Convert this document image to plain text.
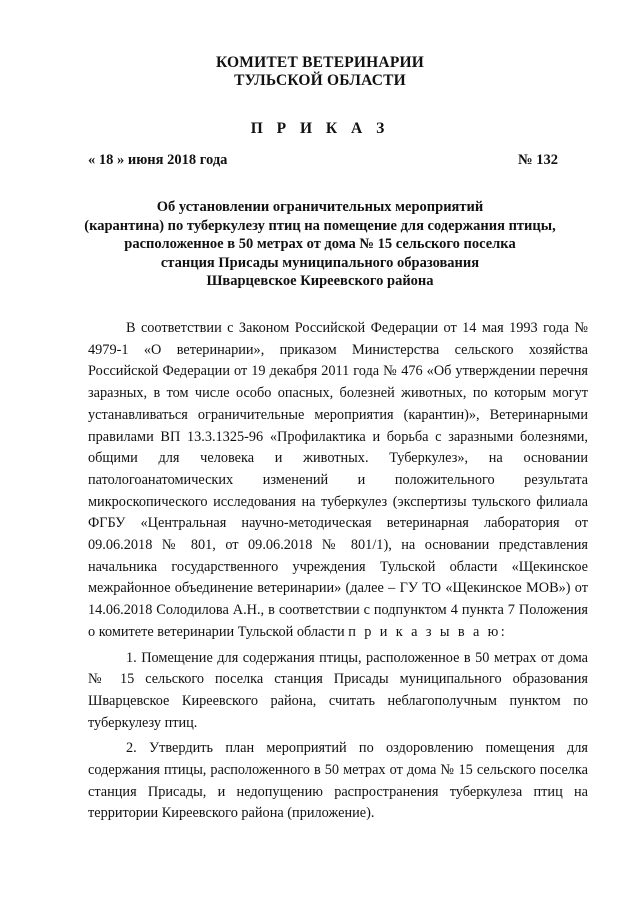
КОМИТЕТ ВЕТЕРИНАРИИ
ТУЛЬСКОЙ ОБЛАСТИ
П Р И К А З
« 18 » июня 2018 года	№ 132
Об установлении ограничительных мероприятий
(карантина) по туберкулезу птиц на помещение для содержания птицы,
расположенное в 50 метрах от дома № 15 сельского поселка
станция Присады муниципального образования
Шварцевское Киреевского района

В соответствии с Законом Российской Федерации от 14 мая 1993 года № 4979-1 «О ветеринарии», приказом Министерства сельского хозяйства Российской Федерации от 19 декабря 2011 года № 476 «Об утверждении перечня заразных, в том числе особо опасных, болезней животных, по которым могут устанавливаться ограничительные мероприятия (карантин)», Ветеринарными правилами ВП 13.3.1325-96 «Профилактика и борьба с заразными болезнями, общими для человека и животных. Туберкулез», на основании патологоанатомических изменений и положительного результата микроскопического исследования на туберкулез (экспертизы тульского филиала ФГБУ «Центральная научно-методическая ветеринарная лаборатория от 09.06.2018 № 801, от 09.06.2018 № 801/1), на основании представления начальника государственного учреждения Тульской области «Щекинское межрайонное объединение ветеринарии» (далее – ГУ ТО «Щекинское МОВ») от 14.06.2018 Солодилова А.Н., в соответствии с подпунктом 4 пункта 7 Положения о комитете ветеринарии Тульской области п р и к а з ы в а ю:

1. Помещение для содержания птицы, расположенное в 50 метрах от дома № 15 сельского поселка станция Присады муниципального образования Шварцевское Киреевского района, считать неблагополучным пунктом по туберкулезу птиц.

2. Утвердить план мероприятий по оздоровлению помещения для содержания птицы, расположенного в 50 метрах от дома № 15 сельского поселка станция Присады, и недопущению распространения туберкулеза птиц на территории Киреевского района (приложение).
